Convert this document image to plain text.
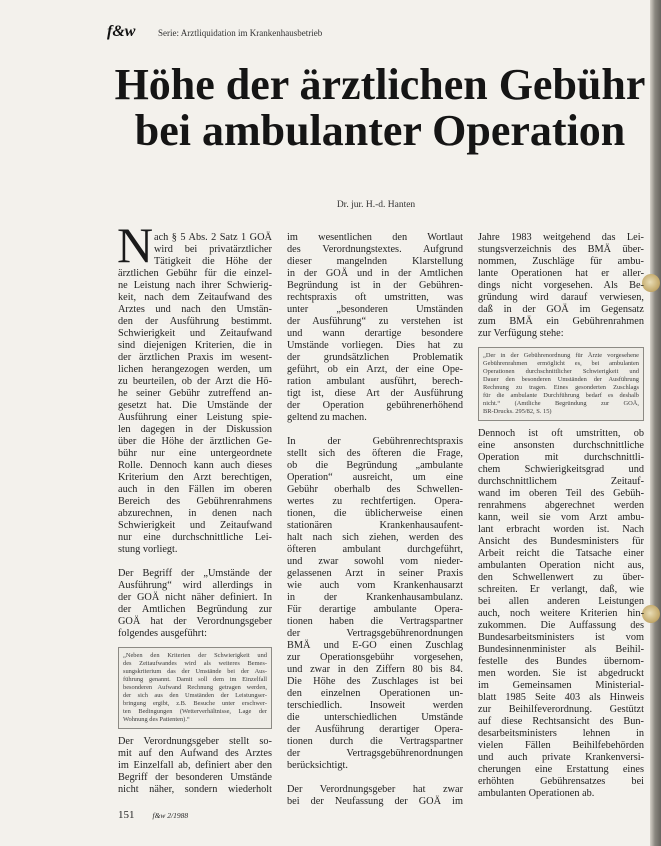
f&w	Serie: Arztliquidation im Krankenhausbetrieb
Höhe der ärztlichen Gebühr
bei ambulanter Operation
Dr. jur. H.-d. Hanten
N ach § 5 Abs. 2 Satz 1 GOÄ
wird bei privatärztlicher
Tätigkeit die Höhe der
ärztlichen Gebühr für die einzel-
ne Leistung nach ihrer Schwierig-
keit, nach dem Zeitaufwand des
Arztes und nach den Umstän-
den der Ausführung bestimmt.
Schwierigkeit und Zeitaufwand
sind diejenigen Kriterien, die in
der ärztlichen Praxis im wesent-
lichen herangezogen werden, um
zu beurteilen, ob der Arzt die Hö-
he seiner Gebühr zutreffend an-
gesetzt hat. Die Umstände der
Ausführung einer Leistung spie-
len dagegen in der Diskussion
über die Höhe der ärztlichen Ge-
bühr nur eine untergeordnete
Rolle. Dennoch kann auch dieses
Kriterium den Arzt berechtigen,
auch in den Fällen im oberen
Bereich des Gebührenrahmens
abzurechnen, in denen nach
Schwierigkeit und Zeitaufwand
nur eine durchschnittliche Lei-
stung vorliegt.
Der Begriff der „Umstände der
Ausführung“ wird allerdings in
der GOÄ nicht näher definiert. In
der Amtlichen Begründung zur
GOÄ hat der Verordnungsgeber
folgendes ausgeführt:
„Neben den Kriterien der Schwierigkeit und
des Zeitaufwandes wird als weiteres Bemes-
sungskriterium das der Umstände bei der Aus-
führung genannt. Damit soll dem im Einzelfall
besonderen Aufwand Rechnung getragen werden,
der sich aus den Umständen der Leistungser-
bringung ergibt, z.B. Besuche unter erschwer-
ten Bedingungen (Wetterverhältnisse, Lage der
Wohnung des Patienten).“
Der Verordnungsgeber stellt so-
mit auf den Aufwand des Arztes
im Einzelfall ab, definiert aber den
Begriff der besonderen Umstände
nicht näher, sondern wiederholt
im wesentlichen den Wortlaut
des Verordnungstextes. Aufgrund
dieser mangelnden Klarstellung
in der GOÄ und in der Amtlichen
Begründung ist in der Gebühren-
rechtspraxis oft umstritten, was
unter „besonderen Umständen
der Ausführung“ zu verstehen ist
und wann derartige besondere
Umstände vorliegen. Dies hat zu
der grundsätzlichen Problematik
geführt, ob ein Arzt, der eine Ope-
ration ambulant ausführt, berech-
tigt ist, diese Art der Ausführung
der Operation gebührenerhöhend
geltend zu machen.
In der Gebührenrechtspraxis
stellt sich des öfteren die Frage,
ob die Begründung „ambulante
Operation“ ausreicht, um eine
Gebühr oberhalb des Schwellen-
wertes zu rechtfertigen. Opera-
tionen, die üblicherweise einen
stationären Krankenhausaufent-
halt nach sich ziehen, werden des
öfteren ambulant durchgeführt,
und zwar sowohl vom nieder-
gelassenen Arzt in seiner Praxis
wie auch vom Krankenhausarzt
in der Krankenhausambulanz.
Für derartige ambulante Opera-
tionen haben die Vertragspartner
der Vertragsgebührenordnungen
BMÄ und E-GO einen Zuschlag
zur Operationsgebühr vorgesehen,
und zwar in den Ziffern 80 bis 84.
Die Höhe des Zuschlages ist bei
den einzelnen Operationen un-
terschiedlich. Insoweit werden
die unterschiedlichen Umstände
der Ausführung derartiger Opera-
tionen durch die Vertragspartner
der Vertragsgebührenordnungen
berücksichtigt.
Der Verordnungsgeber hat zwar
bei der Neufassung der GOÄ im
Jahre 1983 weitgehend das Lei-
stungsverzeichnis des BMÄ über-
nommen, Zuschläge für ambu-
lante Operationen hat er aller-
dings nicht vorgesehen. Als Be-
gründung wird darauf verwiesen,
daß in der GOÄ im Gegensatz
zum BMÄ ein Gebührenrahmen
zur Verfügung stehe:
„Der in der Gebührenordnung für Ärzte vorgesehene
Gebührenrahmen ermöglicht es, bei ambulanten
Operationen durchschnittlicher Schwierigkeit und
Dauer den besonderen Umständen der Ausführung
Rechnung zu tragen. Eines gesonderten Zuschlags
für die ambulante Durchführung bedarf es deshalb
nicht.“ (Amtliche Begründung zur GOÄ,
BR-Drucks. 295/82, S. 15)
Dennoch ist oft umstritten, ob
eine ansonsten durchschnittliche
Operation mit durchschnittli-
chem Schwierigkeitsgrad und
durchschnittlichem Zeitauf-
wand im oberen Teil des Gebüh-
renrahmens abgerechnet werden
kann, weil sie vom Arzt ambu-
lant erbracht worden ist. Nach
Ansicht des Bundesministers für
Arbeit reicht die Tatsache einer
ambulanten Operation nicht aus,
den Schwellenwert zu über-
schreiten. Er verlangt, daß, wie
bei allen anderen Leistungen
auch, noch weitere Kriterien hin-
zukommen. Die Auffassung des
Bundesarbeitsministers ist vom
Bundesinnenminister als Beihil-
festelle des Bundes übernom-
men worden. Sie ist abgedruckt
im Gemeinsamen Ministerial-
blatt 1985 Seite 403 als Hinweis
zur Beihilfeverordnung. Gestützt
auf diese Rechtsansicht des Bun-
desarbeitsministers lehnen in
vielen Fällen Beihilfebehörden
und auch private Krankenversi-
cherungen eine Erstattung eines
erhöhten Gebührensatzes bei
ambulanten Operationen ab.
151 f&w 2/1988
